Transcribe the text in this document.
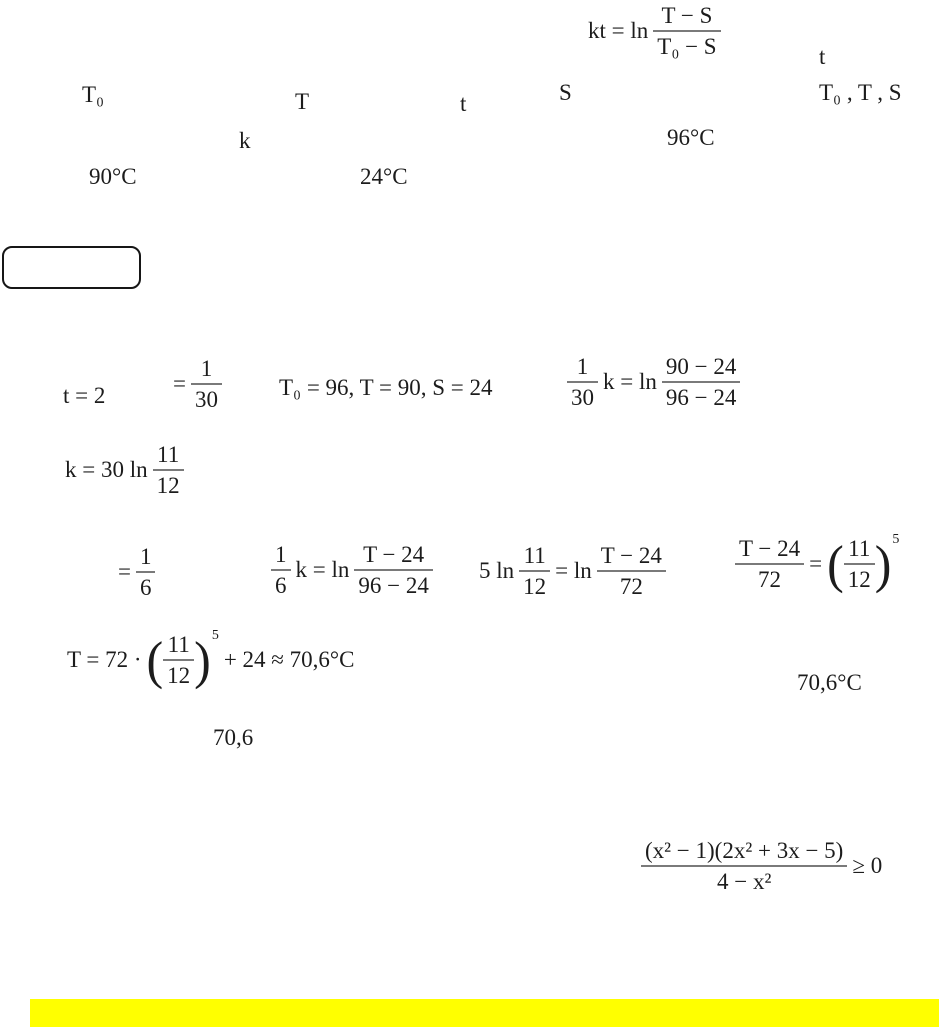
kt = $\ln \frac{T - S}{\text{T₀ − S}}$	t
T₀	T	t	S	T₀ , T , S
k	96°C
90°C	24°C
t = 2	= $\frac{1}{30} T_0 = 96$, T = 90, S = 24	$\frac{1}{30}$ $k = \ln \frac{90 - 24}{96 - 24}$
k = 30 $\ln \frac{11}{12}$
= $\frac{1}{6}$	$\frac{1}{6}$ $k = \ln \frac{T - 24}{96 - 24} 5$ $\ln \frac{11}{12} = \ln \frac{T - 24}{72}$	$\frac{T - 24}{72}$ = ( $\frac{11}{12}$ ) 5
T = 72 · ( $\frac{11}{12}$ ) 5
+ 24 ≈ 70,6°C
70,6°C
70,6
$\frac{\text{(x² − 1)(2x² + 3x − 5)}}{\text{4 − x²}} \ge 0$
